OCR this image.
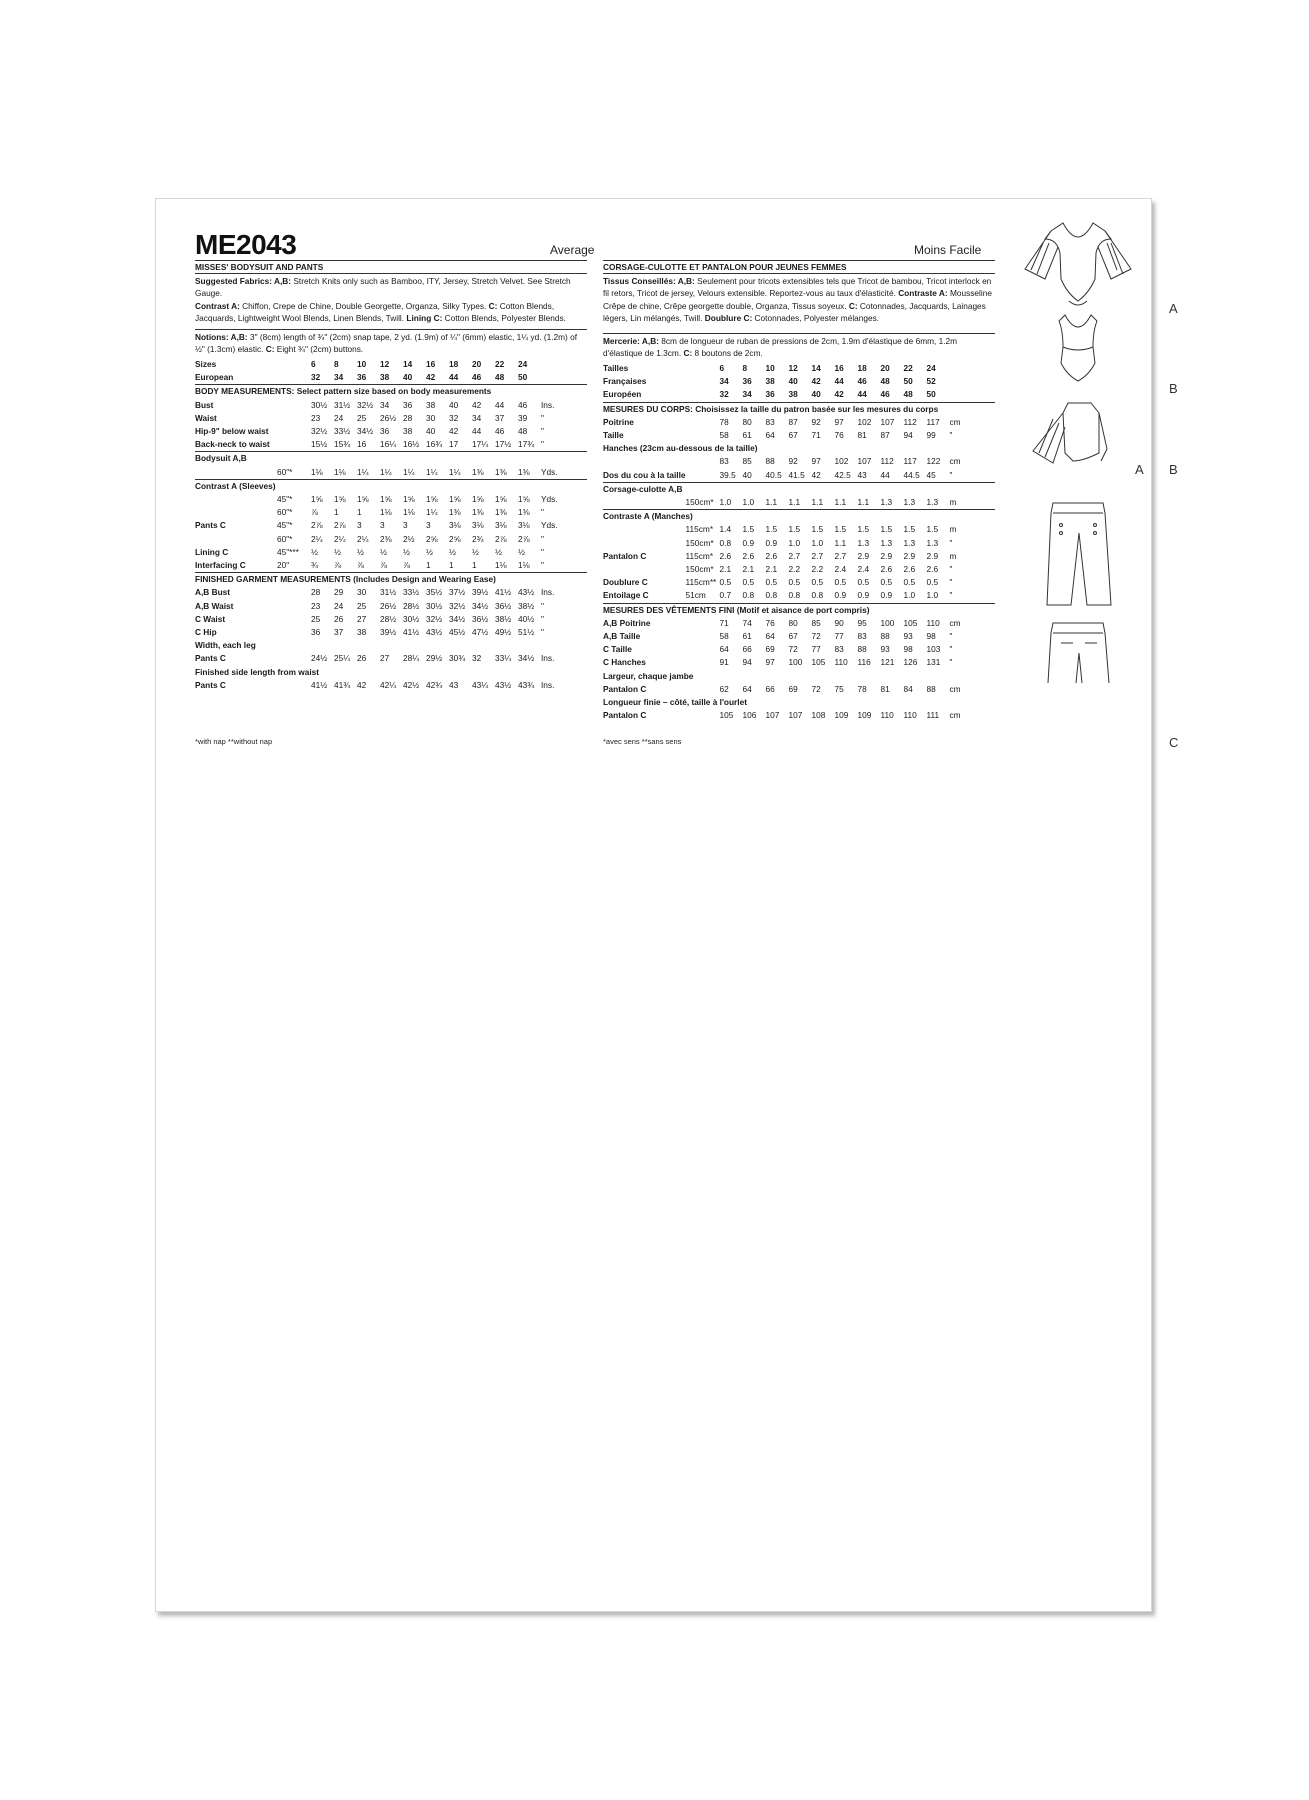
ME2043	Average	Moins Facile
MISSES' BODYSUIT AND PANTS
Suggested Fabrics: A,B: Stretch Knits only such as Bamboo, ITY, Jersey, Stretch Velvet. See Stretch Gauge.
Contrast A: Chiffon, Crepe de Chine, Double Georgette, Organza, Silky Types. C: Cotton Blends, Jacquards, Lightweight Wool Blends, Linen Blends, Twill. Lining C: Cotton Blends, Polyester Blends.
Notions: A,B: 3" (8cm) length of ¾" (2cm) snap tape, 2 yd. (1.9m) of ¼" (6mm) elastic, 1¼ yd. (1.2m) of ½" (1.3cm) elastic. C: Eight ¾" (2cm) buttons.
Sizes		6	8	10	12	14	16	18	20	22	24	
European		32	34	36	38	40	42	44	46	48	50	
BODY MEASUREMENTS: Select pattern size based on body measurements												
Bust		30½	31½	32½	34	36	38	40	42	44	46	Ins.
Waist		23	24	25	26½	28	30	32	34	37	39	"
Hip-9" below waist		32½	33½	34½	36	38	40	42	44	46	48	"
Back-neck to waist		15½	15¾	16	16¼	16½	16¾	17	17¼	17½	17¾	"
Bodysuit A,B												
	60"*	1⅛	1⅛	1¼	1¼	1¼	1¼	1¼	1⅜	1⅜	1⅜	Yds.
Contrast A (Sleeves)												
	45"*	1⅝	1⅝	1⅝	1⅝	1⅝	1⅝	1⅝	1⅝	1⅝	1⅝	Yds.
	60"*	⅞	1	1	1⅛	1⅛	1¼	1⅜	1⅜	1⅜	1⅜	"
Pants C	45"*	2⅞	2⅞	3	3	3	3	3⅛	3⅛	3⅛	3⅛	Yds.
	60"*	2¼	2¼	2¼	2⅜	2½	2⅝	2⅝	2¾	2⅞	2⅞	"
Lining C	45"***	½	½	½	½	½	½	½	½	½	½	"
Interfacing C	20"	¾	⅞	⅞	⅞	⅞	1	1	1	1⅛	1⅛	"
FINISHED GARMENT MEASUREMENTS (Includes Design and Wearing Ease)												
A,B Bust		28	29	30	31½	33½	35½	37½	39½	41½	43½	Ins.
A,B Waist		23	24	25	26½	28½	30½	32½	34½	36½	38½	"
C Waist		25	26	27	28½	30½	32½	34½	36½	38½	40½	"
C Hip		36	37	38	39½	41½	43½	45½	47½	49½	51½	"
Width, each leg												
Pants C		24½	25¼	26	27	28¼	29½	30¾	32	33¼	34½	Ins.
Finished side length from waist												
Pants C		41½	41¾	42	42¼	42½	42¾	43	43¼	43½	43¾	Ins.
*with nap **without nap
CORSAGE-CULOTTE ET PANTALON POUR JEUNES FEMMES
Tissus Conseillés: A,B: Seulement pour tricots extensibles tels que Tricot de bambou, Tricot interlock en fil retors, Tricot de jersey, Velours extensible. Reportez-vous au taux d'élasticité. Contraste A: Mousseline Crêpe de chine, Crêpe georgette double, Organza, Tissus soyeux. C: Cotonnades, Jacquards, Lainages légers, Lin mélangés, Twill. Doublure C: Cotonnades, Polyester mélanges.
Mercerie: A,B: 8cm de longueur de ruban de pressions de 2cm, 1.9m d'élastique de 6mm, 1.2m d'élastique de 1.3cm. C: 8 boutons de 2cm.
Tailles		6	8	10	12	14	16	18	20	22	24	
Françaises		34	36	38	40	42	44	46	48	50	52	
Européen		32	34	36	38	40	42	44	46	48	50	
MESURES DU CORPS: Choisissez la taille du patron basée sur les mesures du corps												
Poitrine		78	80	83	87	92	97	102	107	112	117	cm
Taille		58	61	64	67	71	76	81	87	94	99	"
Hanches (23cm au-dessous de la taille)												
		83	85	88	92	97	102	107	112	117	122	cm
Dos du cou à la taille		39.5	40	40.5	41.5	42	42.5	43	44	44.5	45	"
Corsage-culotte A,B												
	150cm*	1.0	1.0	1.1	1.1	1.1	1.1	1.1	1.3	1.3	1.3	m
Contraste A (Manches)												
	115cm*	1.4	1.5	1.5	1.5	1.5	1.5	1.5	1.5	1.5	1.5	m
	150cm*	0.8	0.9	0.9	1.0	1.0	1.1	1.3	1.3	1.3	1.3	"
Pantalon C	115cm*	2.6	2.6	2.6	2.7	2.7	2.7	2.9	2.9	2.9	2.9	m
	150cm*	2.1	2.1	2.1	2.2	2.2	2.4	2.4	2.6	2.6	2.6	"
Doublure C	115cm**	0.5	0.5	0.5	0.5	0.5	0.5	0.5	0.5	0.5	0.5	"
Entoilage C	51cm	0.7	0.8	0.8	0.8	0.8	0.9	0.9	0.9	1.0	1.0	"
MESURES DES VÊTEMENTS FINI (Motif et aisance de port compris)												
A,B Poitrine		71	74	76	80	85	90	95	100	105	110	cm
A,B Taille		58	61	64	67	72	77	83	88	93	98	"
C Taille		64	66	69	72	77	83	88	93	98	103	"
C Hanches		91	94	97	100	105	110	116	121	126	131	"
Largeur, chaque jambe												
Pantalon C		62	64	66	69	72	75	78	81	84	88	cm
Longueur finie – côté, taille à l'ourlet												
Pantalon C		105	106	107	107	108	109	109	110	110	111	cm
*avec sens **sans sens
A
B
A B
C
